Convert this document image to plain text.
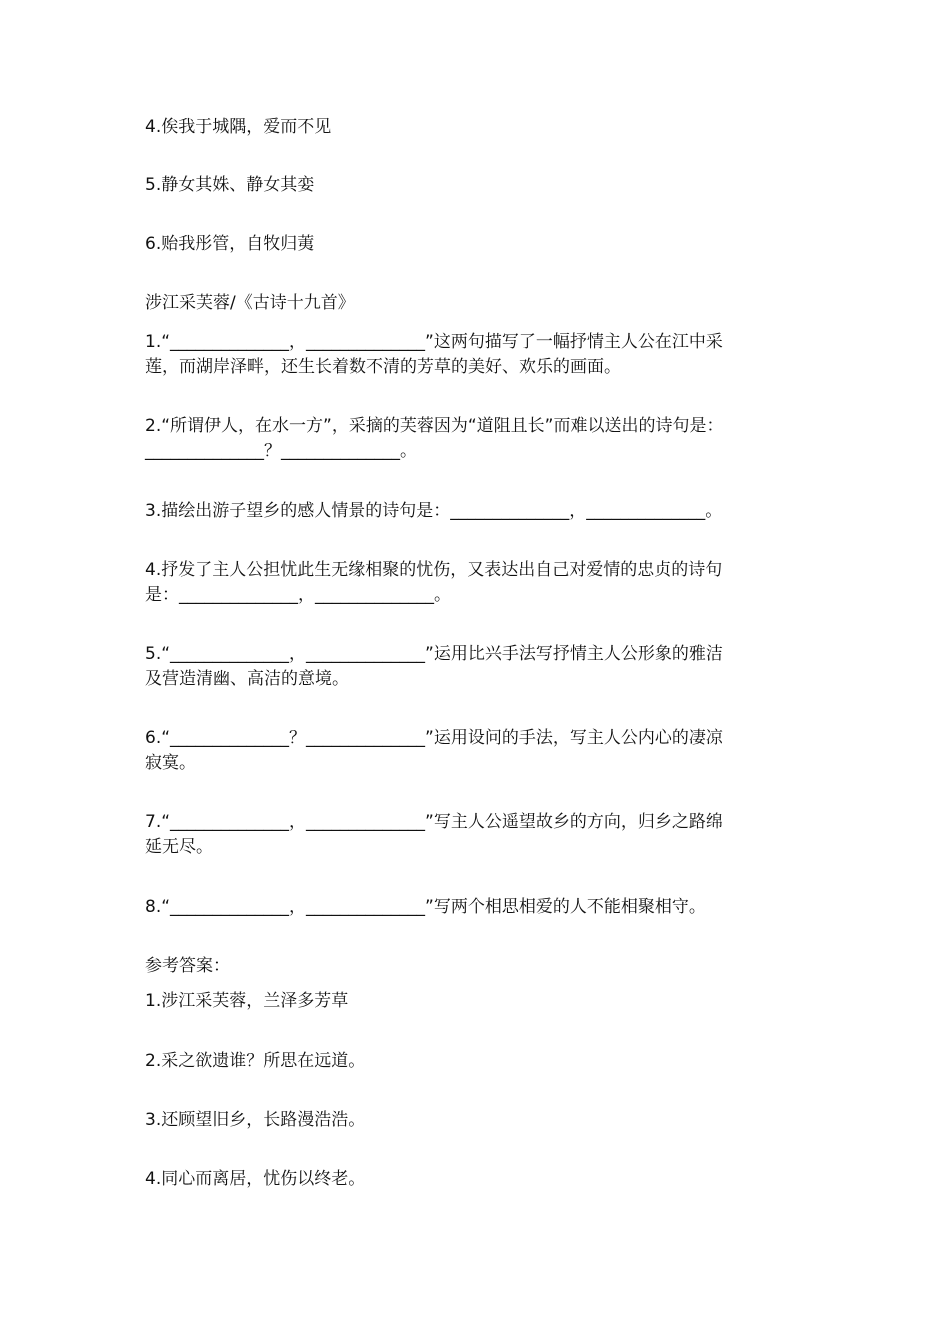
4.俟我于城隅，爱而不见
5.静女其姝、静女其娈
6.贻我彤管，自牧归荑
涉江采芙蓉/《古诗十九首》
1.“______________，______________”这两句描写了一幅抒情主人公在江中采
莲，而湖岸泽畔，还生长着数不清的芳草的美好、欢乐的画面。
2.“所谓伊人，在水一方”，采摘的芙蓉因为“道阻且长”而难以送出的诗句是：
______________？______________。
3.描绘出游子望乡的感人情景的诗句是：______________，______________。
4.抒发了主人公担忧此生无缘相聚的忧伤，又表达出自己对爱情的忠贞的诗句
是：______________，______________。
5.“______________，______________”运用比兴手法写抒情主人公形象的雅洁
及营造清幽、高洁的意境。
6.“______________？______________”运用设问的手法，写主人公内心的凄凉
寂寞。
7.“______________，______________”写主人公遥望故乡的方向，归乡之路绵
延无尽。
8.“______________，______________”写两个相思相爱的人不能相聚相守。
参考答案：
1.涉江采芙蓉，兰泽多芳草
2.采之欲遗谁？所思在远道。
3.还顾望旧乡，长路漫浩浩。
4.同心而离居，忧伤以终老。
